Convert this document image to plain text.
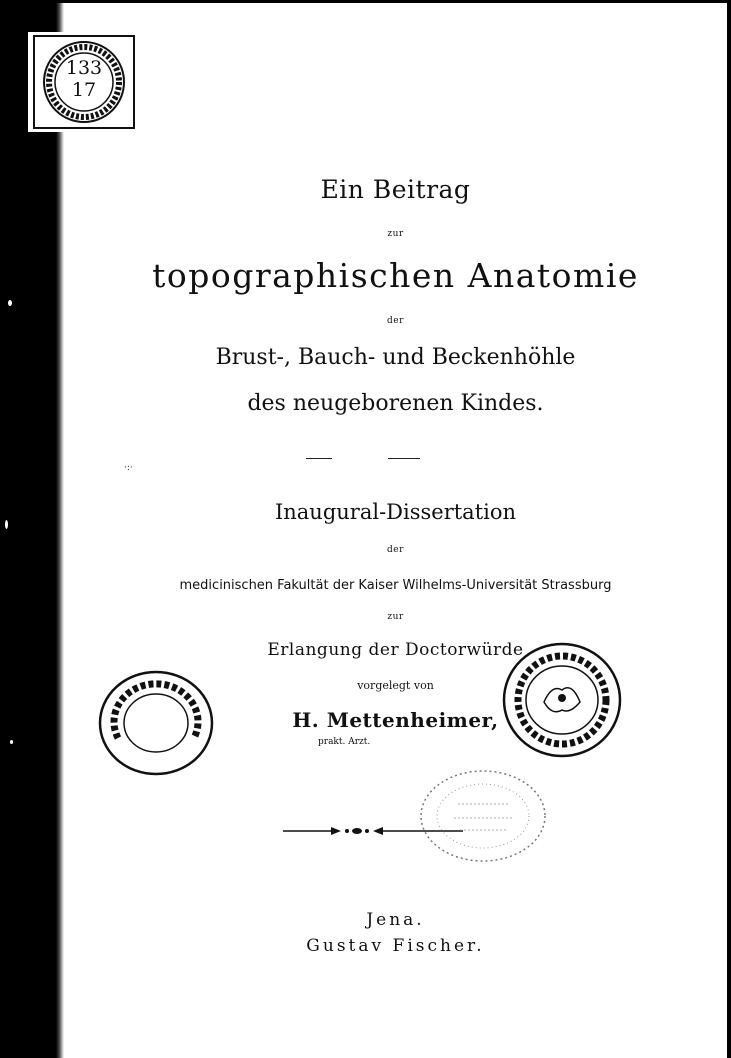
133
17
Ein Beitrag
zur
topographischen Anatomie
der
Brust-, Bauch- und Beckenhöhle
des neugeborenen Kindes.
Inaugural-Dissertation
der
medicinischen Fakultät der Kaiser Wilhelms-Universität Strassburg
zur
Erlangung der Doctorwürde
vorgelegt von
H. Mettenheimer,
prakt. Arzt.
Jena.
Gustav Fischer.
·:·
